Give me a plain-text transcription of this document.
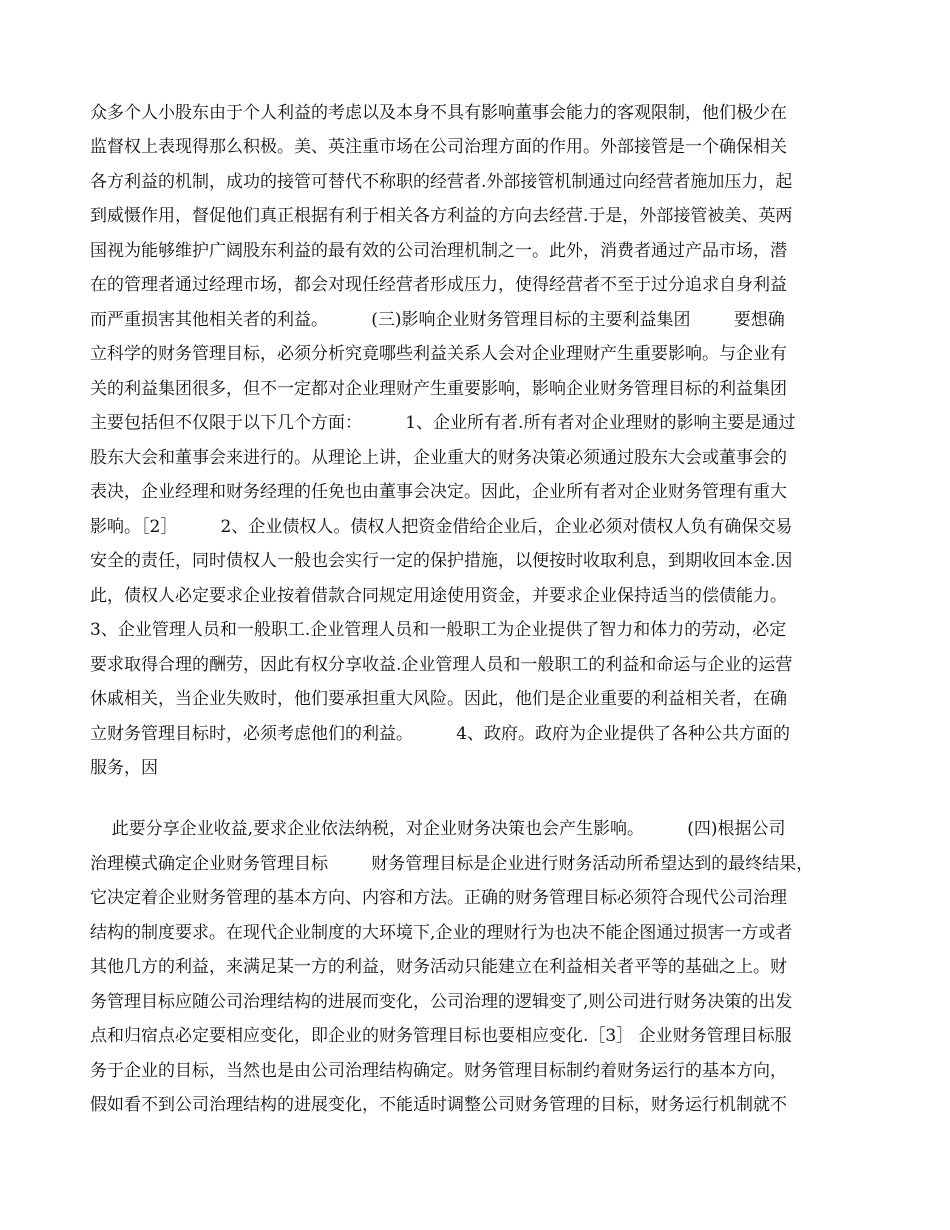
众多个人小股东由于个人利益的考虑以及本身不具有影响董事会能力的客观限制，他们极少在
监督权上表现得那么积极。美、英注重市场在公司治理方面的作用。外部接管是一个确保相关
各方利益的机制，成功的接管可替代不称职的经营者.外部接管机制通过向经营者施加压力，起
到威慑作用，督促他们真正根据有利于相关各方利益的方向去经营.于是，外部接管被美、英两
国视为能够维护广阔股东利益的最有效的公司治理机制之一。此外，消费者通过产品市场，潜
在的管理者通过经理市场，都会对现任经营者形成压力，使得经营者不至于过分追求自身利益
而严重损害其他相关者的利益。        (三)影响企业财务管理目标的主要利益集团        要想确
立科学的财务管理目标，必须分析究竟哪些利益关系人会对企业理财产生重要影响。与企业有
关的利益集团很多，但不一定都对企业理财产生重要影响，影响企业财务管理目标的利益集团
主要包括但不仅限于以下几个方面：        1、企业所有者.所有者对企业理财的影响主要是通过
股东大会和董事会来进行的。从理论上讲，企业重大的财务决策必须通过股东大会或董事会的
表决，企业经理和财务经理的任免也由董事会决定。因此，企业所有者对企业财务管理有重大
影响。［2］        2、企业债权人。债权人把资金借给企业后，企业必须对债权人负有确保交易
安全的责任，同时债权人一般也会实行一定的保护措施，以便按时收取利息，到期收回本金.因
此，债权人必定要求企业按着借款合同规定用途使用资金，并要求企业保持适当的偿债能力。
3、企业管理人员和一般职工.企业管理人员和一般职工为企业提供了智力和体力的劳动，必定
要求取得合理的酬劳，因此有权分享收益.企业管理人员和一般职工的利益和命运与企业的运营
休戚相关，当企业失败时，他们要承担重大风险。因此，他们是企业重要的利益相关者，在确
立财务管理目标时，必须考虑他们的利益。        4、政府。政府为企业提供了各种公共方面的
服务，因
此要分享企业收益,要求企业依法纳税，对企业财务决策也会产生影响。        (四)根据公司
治理模式确定企业财务管理目标        财务管理目标是企业进行财务活动所希望达到的最终结果，
它决定着企业财务管理的基本方向、内容和方法。正确的财务管理目标必须符合现代公司治理
结构的制度要求。在现代企业制度的大环境下,企业的理财行为也决不能企图通过损害一方或者
其他几方的利益，来满足某一方的利益，财务活动只能建立在利益相关者平等的基础之上。财
务管理目标应随公司治理结构的进展而变化，公司治理的逻辑变了,则公司进行财务决策的出发
点和归宿点必定要相应变化，即企业的财务管理目标也要相应变化.［3］ 企业财务管理目标服
务于企业的目标，当然也是由公司治理结构确定。财务管理目标制约着财务运行的基本方向，
假如看不到公司治理结构的进展变化，不能适时调整公司财务管理的目标，财务运行机制就不
